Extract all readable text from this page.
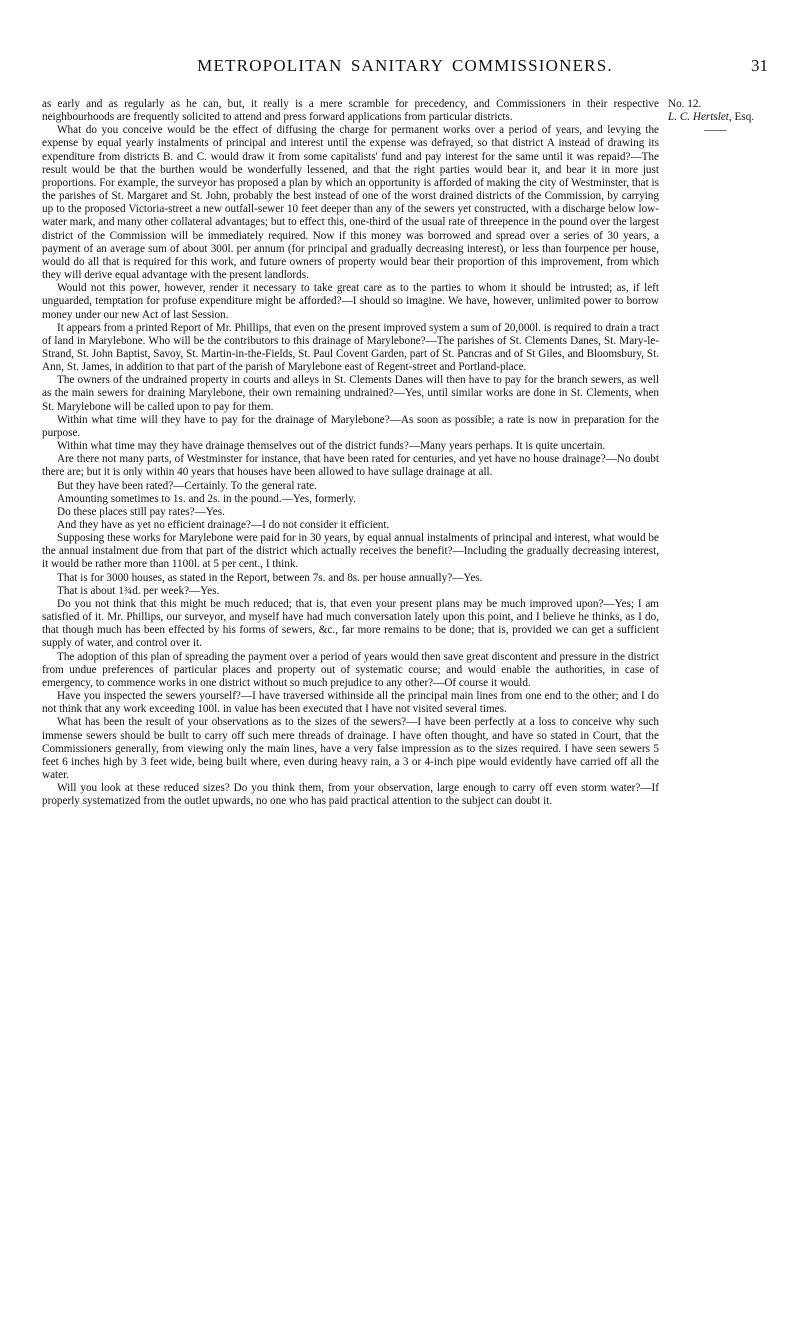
METROPOLITAN SANITARY COMMISSIONERS.	31

as early and as regularly as he can, but, it really is a mere scramble for precedency, and Commissioners in their respective neighbourhoods are frequently solicited to attend and press forward applications from particular districts.

What do you conceive would be the effect of diffusing the charge for permanent works over a period of years, and levying the expense by equal yearly instalments of principal and interest until the expense was defrayed, so that district A instead of drawing its expenditure from districts B. and C. would draw it from some capitalists' fund and pay interest for the same until it was repaid?—The result would be that the burthen would be wonderfully lessened, and that the right parties would bear it, and bear it in more just proportions. For example, the surveyor has proposed a plan by which an opportunity is afforded of making the city of Westminster, that is the parishes of St. Margaret and St. John, probably the best instead of one of the worst drained districts of the Commission, by carrying up to the proposed Victoria-street a new outfall-sewer 10 feet deeper than any of the sewers yet constructed, with a discharge below low-water mark, and many other collateral advantages; but to effect this, one-third of the usual rate of threepence in the pound over the largest district of the Commission will be immediately required. Now if this money was borrowed and spread over a series of 30 years, a payment of an average sum of about 300l. per annum (for principal and gradually decreasing interest), or less than fourpence per house, would do all that is required for this work, and future owners of property would bear their proportion of this improvement, from which they will derive equal advantage with the present landlords.

Would not this power, however, render it necessary to take great care as to the parties to whom it should be intrusted; as, if left unguarded, temptation for profuse expenditure might be afforded?—I should so imagine. We have, however, unlimited power to borrow money under our new Act of last Session.

It appears from a printed Report of Mr. Phillips, that even on the present improved system a sum of 20,000l. is required to drain a tract of land in Marylebone. Who will be the contributors to this drainage of Marylebone?—The parishes of St. Clements Danes, St. Mary-le-Strand, St. John Baptist, Savoy, St. Martin-in-the-Fields, St. Paul Covent Garden, part of St. Pancras and of St Giles, and Bloomsbury, St. Ann, St. James, in addition to that part of the parish of Marylebone east of Regent-street and Portland-place.

The owners of the undrained property in courts and alleys in St. Clements Danes will then have to pay for the branch sewers, as well as the main sewers for draining Marylebone, their own remaining undrained?—Yes, until similar works are done in St. Clements, when St. Marylebone will be called upon to pay for them.

Within what time will they have to pay for the drainage of Marylebone?—As soon as possible; a rate is now in preparation for the purpose.

Within what time may they have drainage themselves out of the district funds?—Many years perhaps. It is quite uncertain.

Are there not many parts, of Westminster for instance, that have been rated for centuries, and yet have no house drainage?—No doubt there are; but it is only within 40 years that houses have been allowed to have sullage drainage at all.

But they have been rated?—Certainly. To the general rate.

Amounting sometimes to 1s. and 2s. in the pound.—Yes, formerly.

Do these places still pay rates?—Yes.

And they have as yet no efficient drainage?—I do not consider it efficient.

Supposing these works for Marylebone were paid for in 30 years, by equal annual instalments of principal and interest, what would be the annual instalment due from that part of the district which actually receives the benefit?—Including the gradually decreasing interest, it would be rather more than 1100l. at 5 per cent., I think.

That is for 3000 houses, as stated in the Report, between 7s. and 8s. per house annually?—Yes.

That is about 1¾d. per week?—Yes.

Do you not think that this might be much reduced; that is, that even your present plans may be much improved upon?—Yes; I am satisfied of it. Mr. Phillips, our surveyor, and myself have had much conversation lately upon this point, and I believe he thinks, as I do, that though much has been effected by his forms of sewers, &c., far more remains to be done; that is, provided we can get a sufficient supply of water, and control over it.

The adoption of this plan of spreading the payment over a period of years would then save great discontent and pressure in the district from undue preferences of particular places and property out of systematic course; and would enable the authorities, in case of emergency, to commence works in one district without so much prejudice to any other?—Of course it would.

Have you inspected the sewers yourself?—I have traversed withinside all the principal main lines from one end to the other; and I do not think that any work exceeding 100l. in value has been executed that I have not visited several times.

What has been the result of your observations as to the sizes of the sewers?—I have been perfectly at a loss to conceive why such immense sewers should be built to carry off such mere threads of drainage. I have often thought, and have so stated in Court, that the Commissioners generally, from viewing only the main lines, have a very false impression as to the sizes required. I have seen sewers 5 feet 6 inches high by 3 feet wide, being built where, even during heavy rain, a 3 or 4-inch pipe would evidently have carried off all the water.

Will you look at these reduced sizes? Do you think them, from your observation, large enough to carry off even storm water?—If properly systematized from the outlet upwards, no one who has paid practical attention to the subject can doubt it.

No. 12.
L. C. Hertslet, Esq.
——
